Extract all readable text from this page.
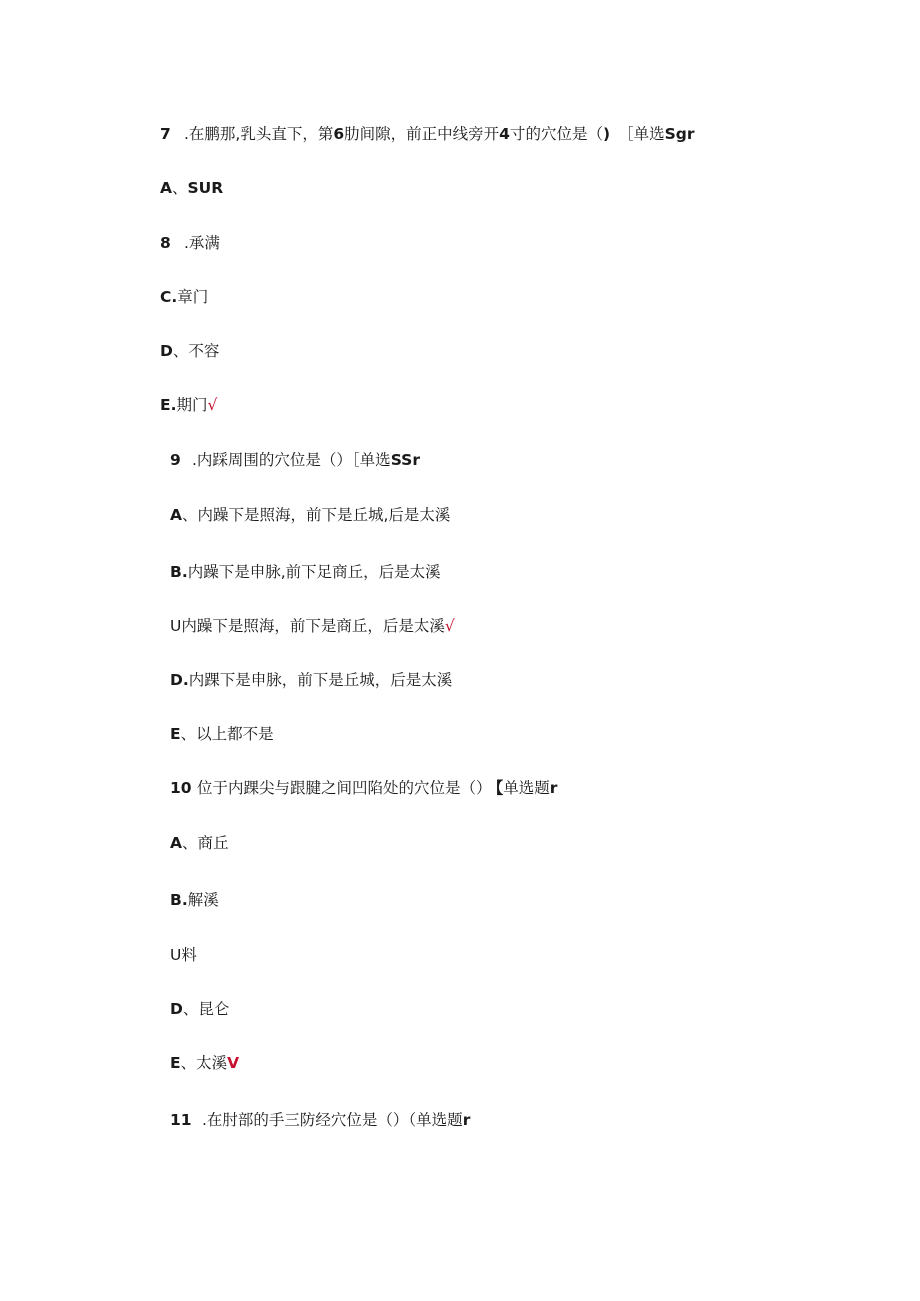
7 .在鹏那,乳头直下，第6肋间隙，前正中线旁开4寸的穴位是（) ［单选Sgr
A、SUR
8 .承满
C.章门
D、不容
E.期门√
9 .内踩周围的穴位是（）［单选SSr
A、内躁下是照海，前下是丘城,后是太溪
B.内躁下是申脉,前下足商丘，后是太溪
U内躁下是照海，前下是商丘，后是太溪√
D.内踝下是申脉，前下是丘城，后是太溪
E、以上都不是
10 位于内踝尖与跟腱之间凹陷处的穴位是（） 【单选题r
A、商丘
B.解溪
U料
D、昆仑
E、太溪V
11 .在肘部的手三防经穴位是（）（单选题r
